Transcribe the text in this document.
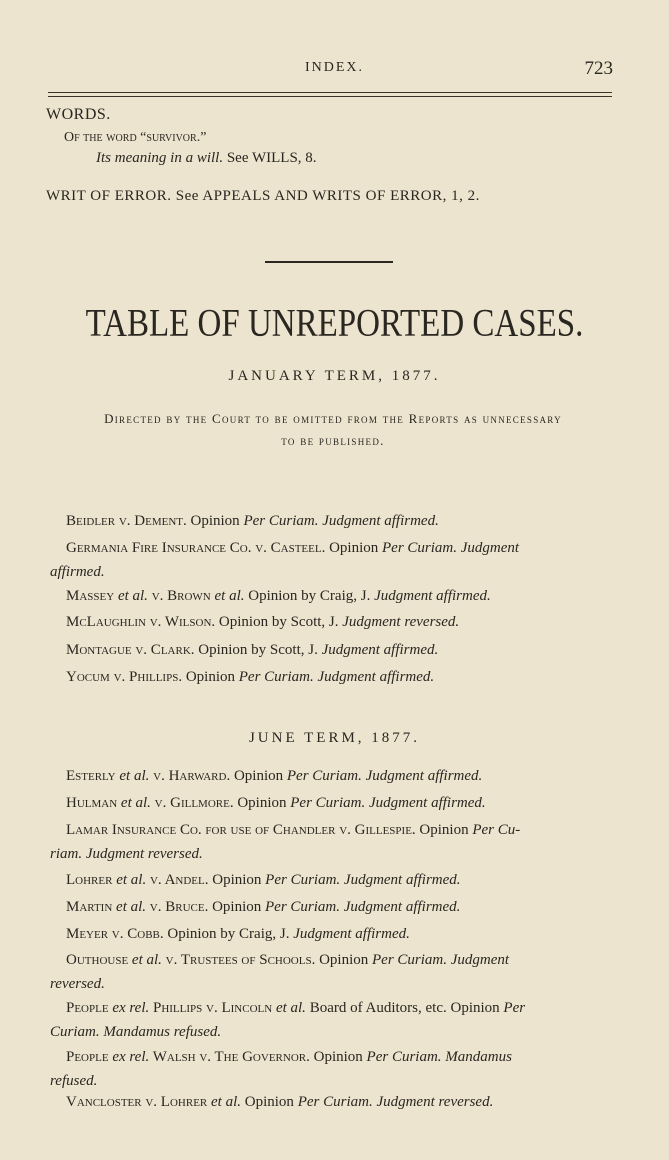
INDEX.	723
WORDS.
Of the word “survivor.”
Its meaning in a will. See WILLS, 8.
WRIT OF ERROR. See APPEALS AND WRITS OF ERROR, 1, 2.
TABLE OF UNREPORTED CASES.
JANUARY TERM, 1877.
Directed by the Court to be omitted from the Reports as unnecessary
to be published.
Beidler v. Dement. Opinion Per Curiam. Judgment affirmed.
Germania Fire Insurance Co. v. Casteel. Opinion Per Curiam. Judgment
affirmed.
Massey et al. v. Brown et al. Opinion by Craig, J. Judgment affirmed.
McLaughlin v. Wilson. Opinion by Scott, J. Judgment reversed.
Montague v. Clark. Opinion by Scott, J. Judgment affirmed.
Yocum v. Phillips. Opinion Per Curiam. Judgment affirmed.
JUNE TERM, 1877.
Esterly et al. v. Harward. Opinion Per Curiam. Judgment affirmed.
Hulman et al. v. Gillmore. Opinion Per Curiam. Judgment affirmed.
Lamar Insurance Co. for use of Chandler v. Gillespie. Opinion Per Cu-
riam. Judgment reversed.
Lohrer et al. v. Andel. Opinion Per Curiam. Judgment affirmed.
Martin et al. v. Bruce. Opinion Per Curiam. Judgment affirmed.
Meyer v. Cobb. Opinion by Craig, J. Judgment affirmed.
Outhouse et al. v. Trustees of Schools. Opinion Per Curiam. Judgment
reversed.
People ex rel. Phillips v. Lincoln et al. Board of Auditors, etc. Opinion Per
Curiam. Mandamus refused.
People ex rel. Walsh v. The Governor. Opinion Per Curiam. Mandamus
refused.
Vancloster v. Lohrer et al. Opinion Per Curiam. Judgment reversed.
